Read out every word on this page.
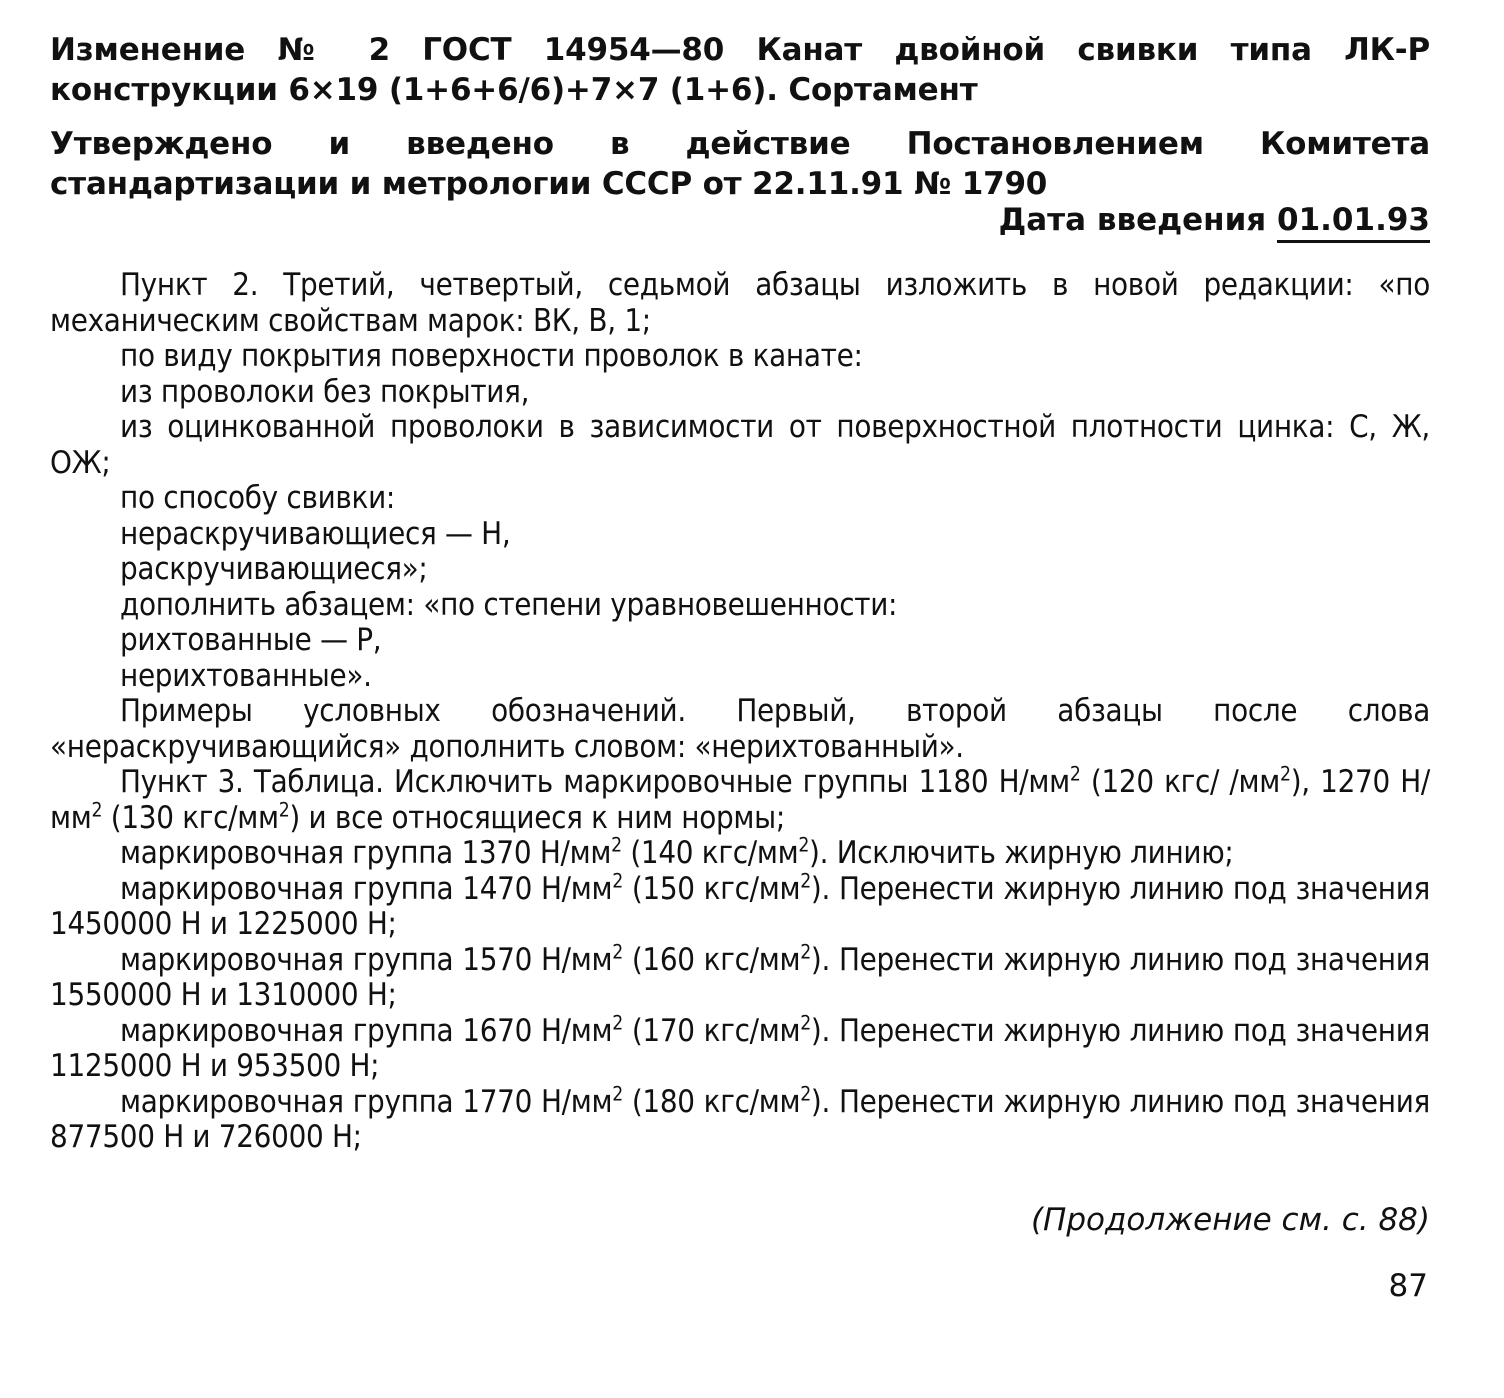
Изменение № 2 ГОСТ 14954—80 Канат двойной свивки типа ЛК-Р конструкции 6×19 (1+6+6/6)+7×7 (1+6). Сортамент
Утверждено и введено в действие Постановлением Комитета стандартизации и метрологии СССР от 22.11.91 № 1790
Дата введения 01.01.93

Пункт 2. Третий, четвертый, седьмой абзацы изложить в новой редакции: «по механическим свойствам марок: ВК, В, 1;

по виду покрытия поверхности проволок в канате:

из проволоки без покрытия,

из оцинкованной проволоки в зависимости от поверхностной плотности цинка: С, Ж, ОЖ;

по способу свивки:

нераскручивающиеся — Н,

раскручивающиеся»;

дополнить абзацем: «по степени уравновешенности:

рихтованные — Р,

нерихтованные».

Примеры условных обозначений. Первый, второй абзацы после слова «нераскручивающийся» дополнить словом: «нерихтованный».

Пункт 3. Таблица. Исключить маркировочные группы 1180 $Н/мм^2$ (120 кгс/ $/мм^2$), 1270 $Н/мм^2$ (130 кгс/$мм^2$) и все относящиеся к ним нормы;

маркировочная группа 1370 $Н/мм^2$ (140 кгс/$мм^2$). Исключить жирную линию;

маркировочная группа 1470 $Н/мм^2$ (150 кгс/$мм^2$). Перенести жирную линию под значения 1450000 Н и 1225000 Н;

маркировочная группа 1570 $Н/мм^2$ (160 кгс/$мм^2$). Перенести жирную линию под значения 1550000 Н и 1310000 Н;

маркировочная группа 1670 $Н/мм^2$ (170 кгс/$мм^2$). Перенести жирную линию под значения 1125000 Н и 953500 Н;

маркировочная группа 1770 $Н/мм^2$ (180 кгс/$мм^2$). Перенести жирную линию под значения 877500 Н и 726000 Н;

(Продолжение см. с. 88)
87
